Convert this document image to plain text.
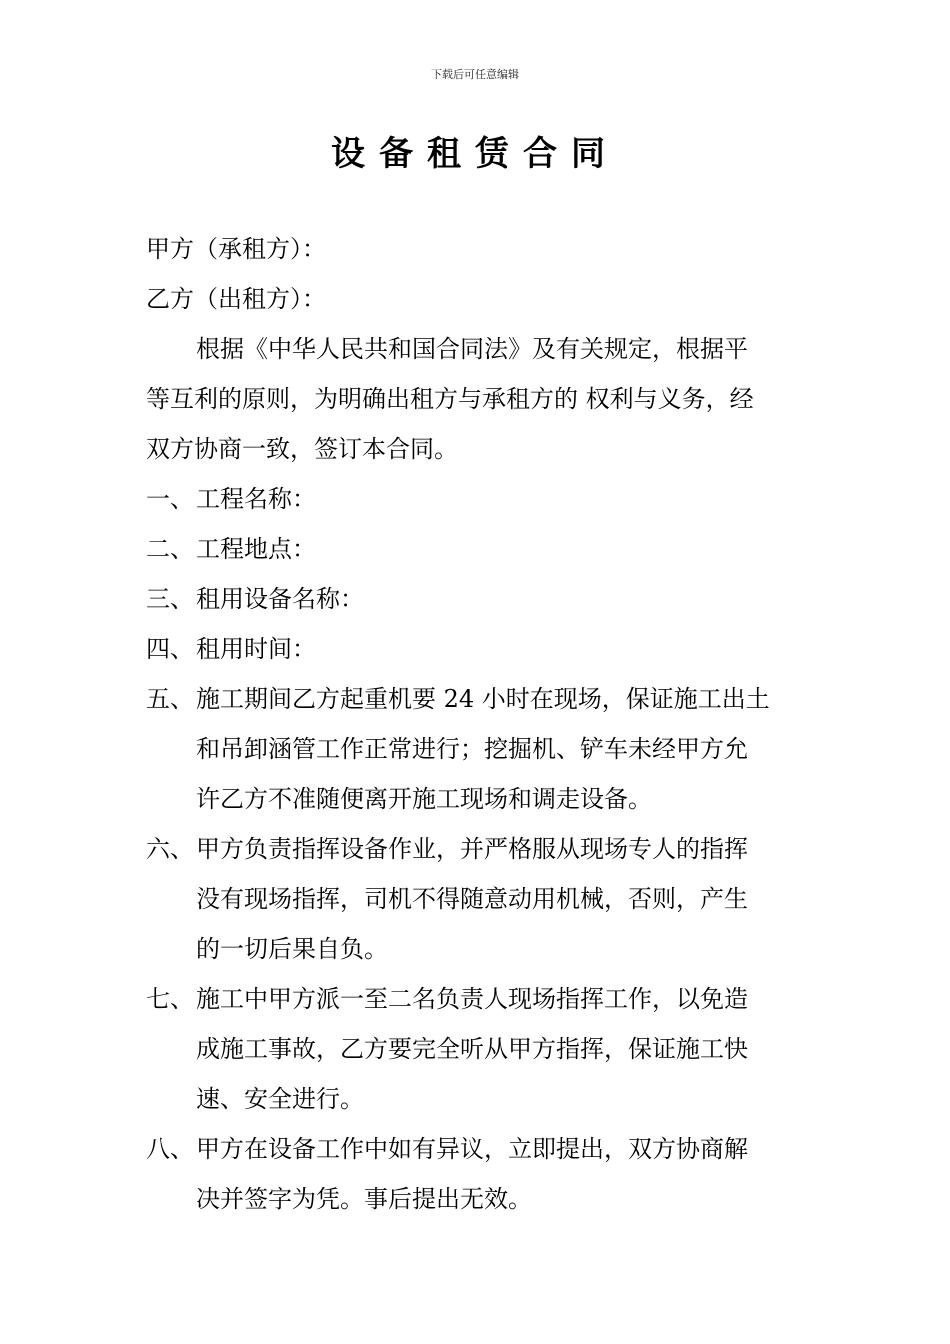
下载后可任意编辑
设备租赁合同
甲方（承租方）：
乙方（出租方）：
根据《中华人民共和国合同法》及有关规定，根据平
等互利的原则，为明确出租方与承租方的 权利与义务，经
双方协商一致，签订本合同。
一、 工程名称：
二、 工程地点：
三、 租用设备名称：
四、 租用时间：
五、 施工期间乙方起重机要 24 小时在现场，保证施工出土
和吊卸涵管工作正常进行；挖掘机、铲车未经甲方允
许乙方不准随便离开施工现场和调走设备。
六、 甲方负责指挥设备作业，并严格服从现场专人的指挥
没有现场指挥，司机不得随意动用机械，否则，产生
的一切后果自负。
七、 施工中甲方派一至二名负责人现场指挥工作，以免造
成施工事故，乙方要完全听从甲方指挥，保证施工快
速、安全进行。
八、 甲方在设备工作中如有异议，立即提出，双方协商解
决并签字为凭。事后提出无效。
